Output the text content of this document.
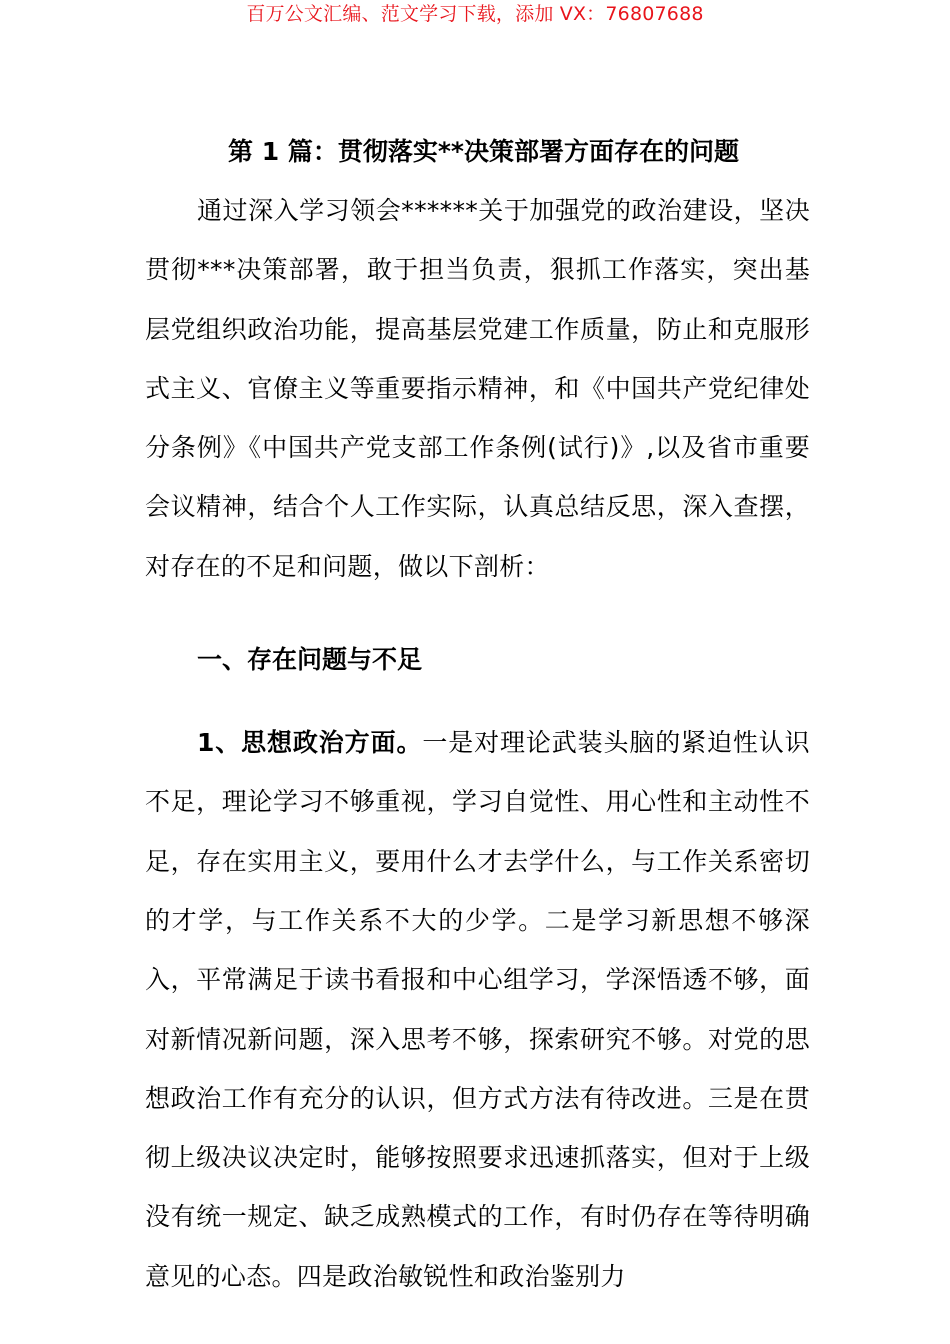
百万公文汇编、范文学习下载，添加 VX：76807688
第 1 篇：贯彻落实**决策部署方面存在的问题

通过深入学习领会******关于加强党的政治建设，坚决贯彻***决策部署，敢于担当负责，狠抓工作落实，突出基层党组织政治功能，提高基层党建工作质量，防止和克服形式主义、官僚主义等重要指示精神，和《中国共产党纪律处分条例》《中国共产党支部工作条例(试行)》,以及省市重要会议精神，结合个人工作实际，认真总结反思，深入查摆，对存在的不足和问题，做以下剖析：

一、存在问题与不足

1、思想政治方面。一是对理论武装头脑的紧迫性认识不足，理论学习不够重视，学习自觉性、用心性和主动性不足，存在实用主义，要用什么才去学什么，与工作关系密切的才学，与工作关系不大的少学。二是学习新思想不够深入，平常满足于读书看报和中心组学习，学深悟透不够，面对新情况新问题，深入思考不够，探索研究不够。对党的思想政治工作有充分的认识，但方式方法有待改进。三是在贯彻上级决议决定时，能够按照要求迅速抓落实，但对于上级没有统一规定、缺乏成熟模式的工作，有时仍存在等待明确意见的心态。四是政治敏锐性和政治鉴别力
